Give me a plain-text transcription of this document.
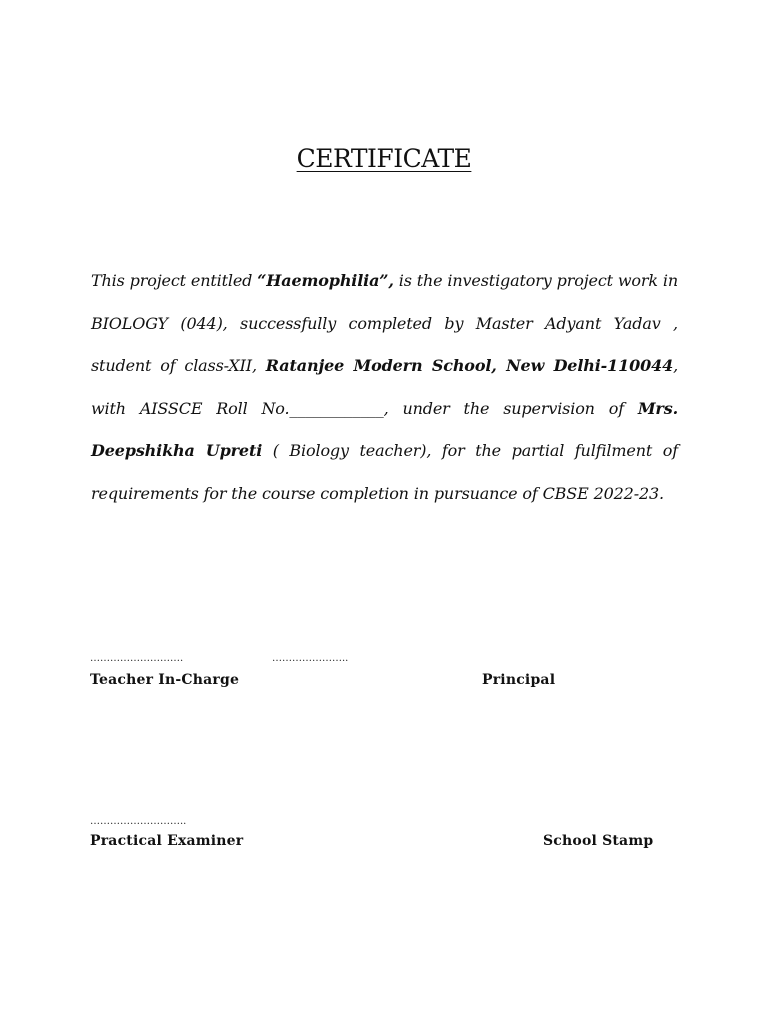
CERTIFICATE
This project entitled “Haemophilia”, is the investigatory project work in BIOLOGY (044), successfully completed by Master Adyant Yadav , student of class-XII, Ratanjee Modern School, New Delhi-110044, with AISSCE Roll No.____________, under the supervision of Mrs. Deepshikha Upreti ( Biology teacher), for the partial fulfilment of requirements for the course completion in pursuance of CBSE 2022-23.
……………………….	…………………..
Teacher In-Charge	Principal
………………………..
Practical Examiner	School Stamp
